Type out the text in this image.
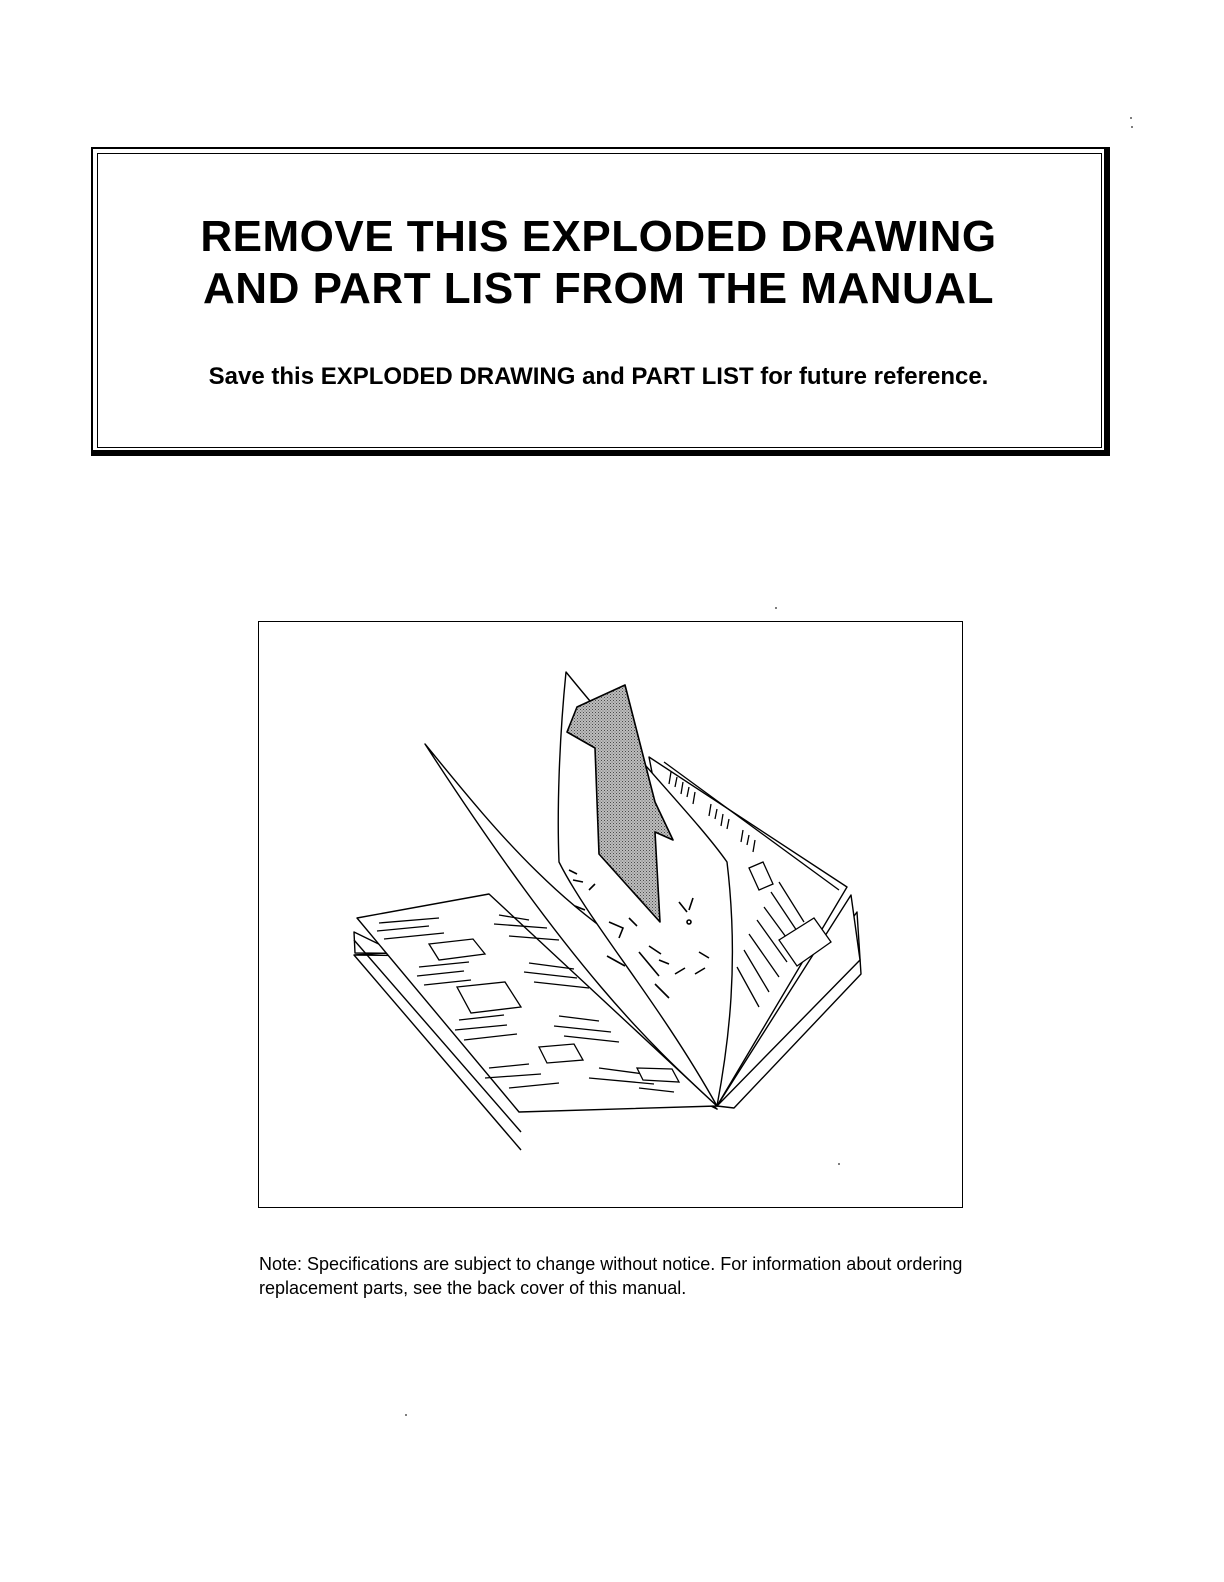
REMOVE THIS EXPLODED DRAWING
AND PART LIST FROM THE MANUAL

Save this EXPLODED DRAWING and PART LIST for future reference.

Note: Specifications are subject to change without notice. For information about ordering replacement parts, see the back cover of this manual.
